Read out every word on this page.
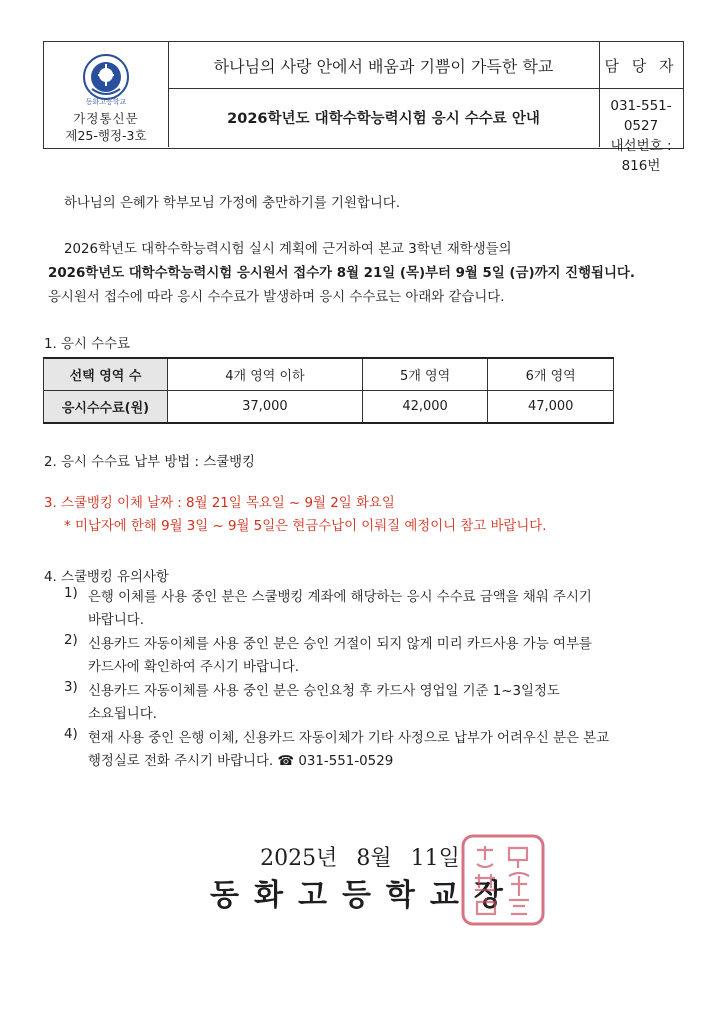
동화고등학교
가정통신문
제25-행정-3호
하나님의 사랑 안에서 배움과 기쁨이 가득한 학교
2026학년도 대학수학능력시험 응시 수수료 안내
담 당 자
031-551-0527
내선번호 : 816번
하나님의 은혜가 학부모님 가정에 충만하기를 기원합니다.
2026학년도 대학수학능력시험 실시 계획에 근거하여 본교 3학년 재학생들의
2026학년도 대학수학능력시험 응시원서 접수가 8월 21일 (목)부터 9월 5일 (금)까지 진행됩니다.
응시원서 접수에 따라 응시 수수료가 발생하며 응시 수수료는 아래와 같습니다.
1. 응시 수수료
선택 영역 수	4개 영역 이하	5개 영역	6개 영역
응시수수료(원)	37,000	42,000	47,000
2. 응시 수수료 납부 방법 : 스쿨뱅킹
3. 스쿨뱅킹 이체 날짜 : 8월 21일 목요일 ~ 9월 2일 화요일
* 미납자에 한해 9월 3일 ~ 9월 5일은 현금수납이 이뤄질 예정이니 참고 바랍니다.
4. 스쿨뱅킹 유의사항
1) 은행 이체를 사용 중인 분은 스쿨뱅킹 계좌에 해당하는 응시 수수료 금액을 채워 주시기
바랍니다.
2) 신용카드 자동이체를 사용 중인 분은 승인 거절이 되지 않게 미리 카드사용 가능 여부를
카드사에 확인하여 주시기 바랍니다.
3) 신용카드 자동이체를 사용 중인 분은 승인요청 후 카드사 영업일 기준 1~3일정도
소요됩니다.
4) 현재 사용 중인 은행 이체, 신용카드 자동이체가 기타 사정으로 납부가 어려우신 분은 본교
행정실로 전화 주시기 바랍니다. ☎ 031-551-0529
2025년 8월 11일
동화고등학교장
